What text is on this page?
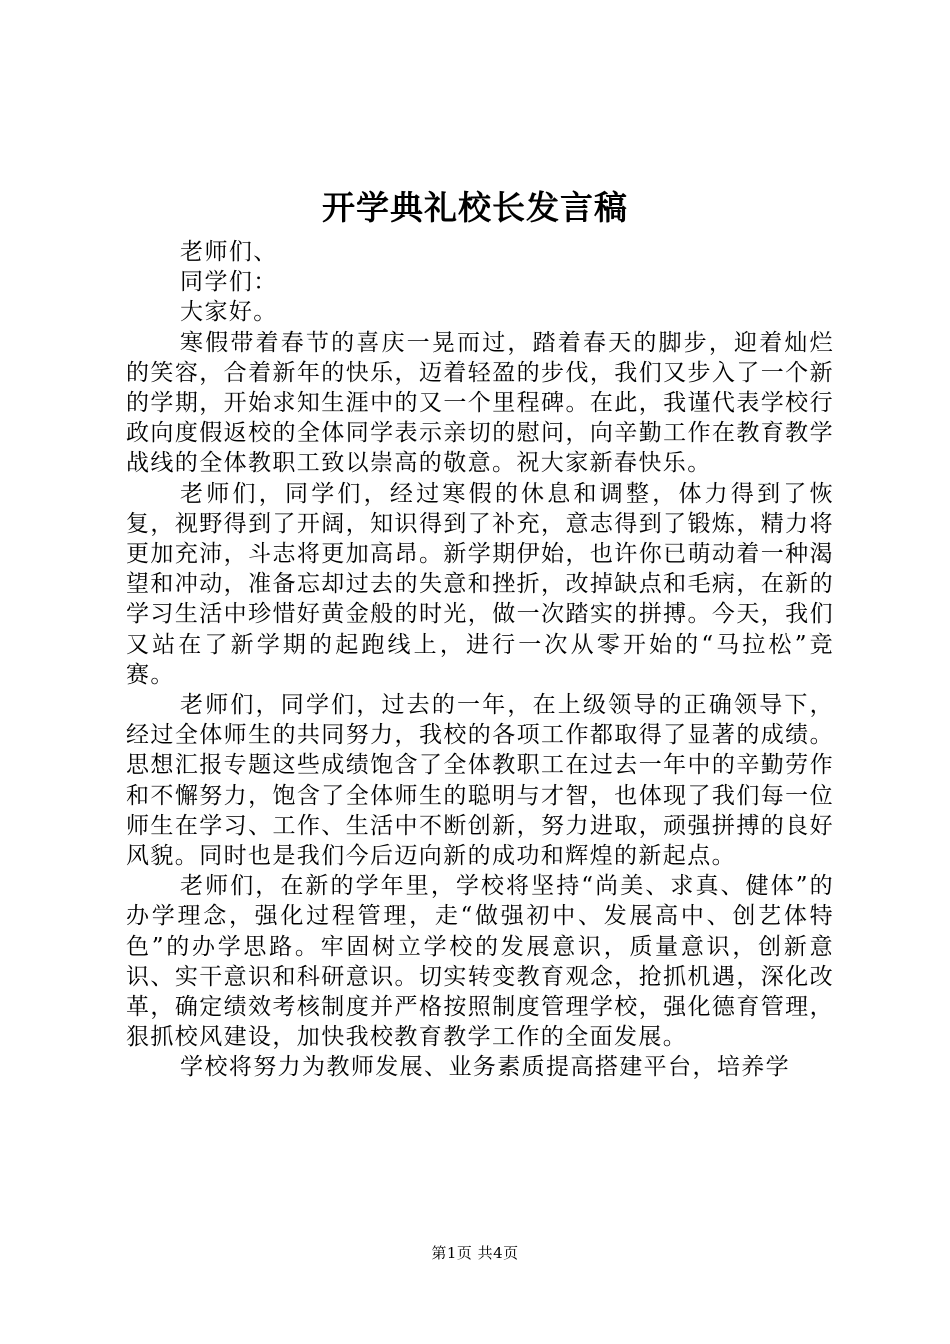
开学典礼校长发言稿

老师们、

同学们：

大家好。

寒假带着春节的喜庆一晃而过，踏着春天的脚步，迎着灿烂的笑容，合着新年的快乐，迈着轻盈的步伐，我们又步入了一个新的学期，开始求知生涯中的又一个里程碑。在此，我谨代表学校行政向度假返校的全体同学表示亲切的慰问，向辛勤工作在教育教学战线的全体教职工致以崇高的敬意。祝大家新春快乐。

老师们，同学们，经过寒假的休息和调整，体力得到了恢复，视野得到了开阔，知识得到了补充，意志得到了锻炼，精力将更加充沛，斗志将更加高昂。新学期伊始，也许你已萌动着一种渴望和冲动，准备忘却过去的失意和挫折，改掉缺点和毛病，在新的学习生活中珍惜好黄金般的时光，做一次踏实的拼搏。今天，我们又站在了新学期的起跑线上，进行一次从零开始的“马拉松”竞赛。

老师们，同学们，过去的一年，在上级领导的正确领导下，经过全体师生的共同努力，我校的各项工作都取得了显著的成绩。思想汇报专题这些成绩饱含了全体教职工在过去一年中的辛勤劳作和不懈努力，饱含了全体师生的聪明与才智，也体现了我们每一位师生在学习、工作、生活中不断创新，努力进取，顽强拼搏的良好风貌。同时也是我们今后迈向新的成功和辉煌的新起点。

老师们，在新的学年里，学校将坚持“尚美、求真、健体”的办学理念，强化过程管理，走“做强初中、发展高中、创艺体特色”的办学思路。牢固树立学校的发展意识，质量意识，创新意识、实干意识和科研意识。切实转变教育观念，抢抓机遇，深化改革，确定绩效考核制度并严格按照制度管理学校，强化德育管理，狠抓校风建设，加快我校教育教学工作的全面发展。

学校将努力为教师发展、业务素质提高搭建平台，培养学

第1页 共4页
